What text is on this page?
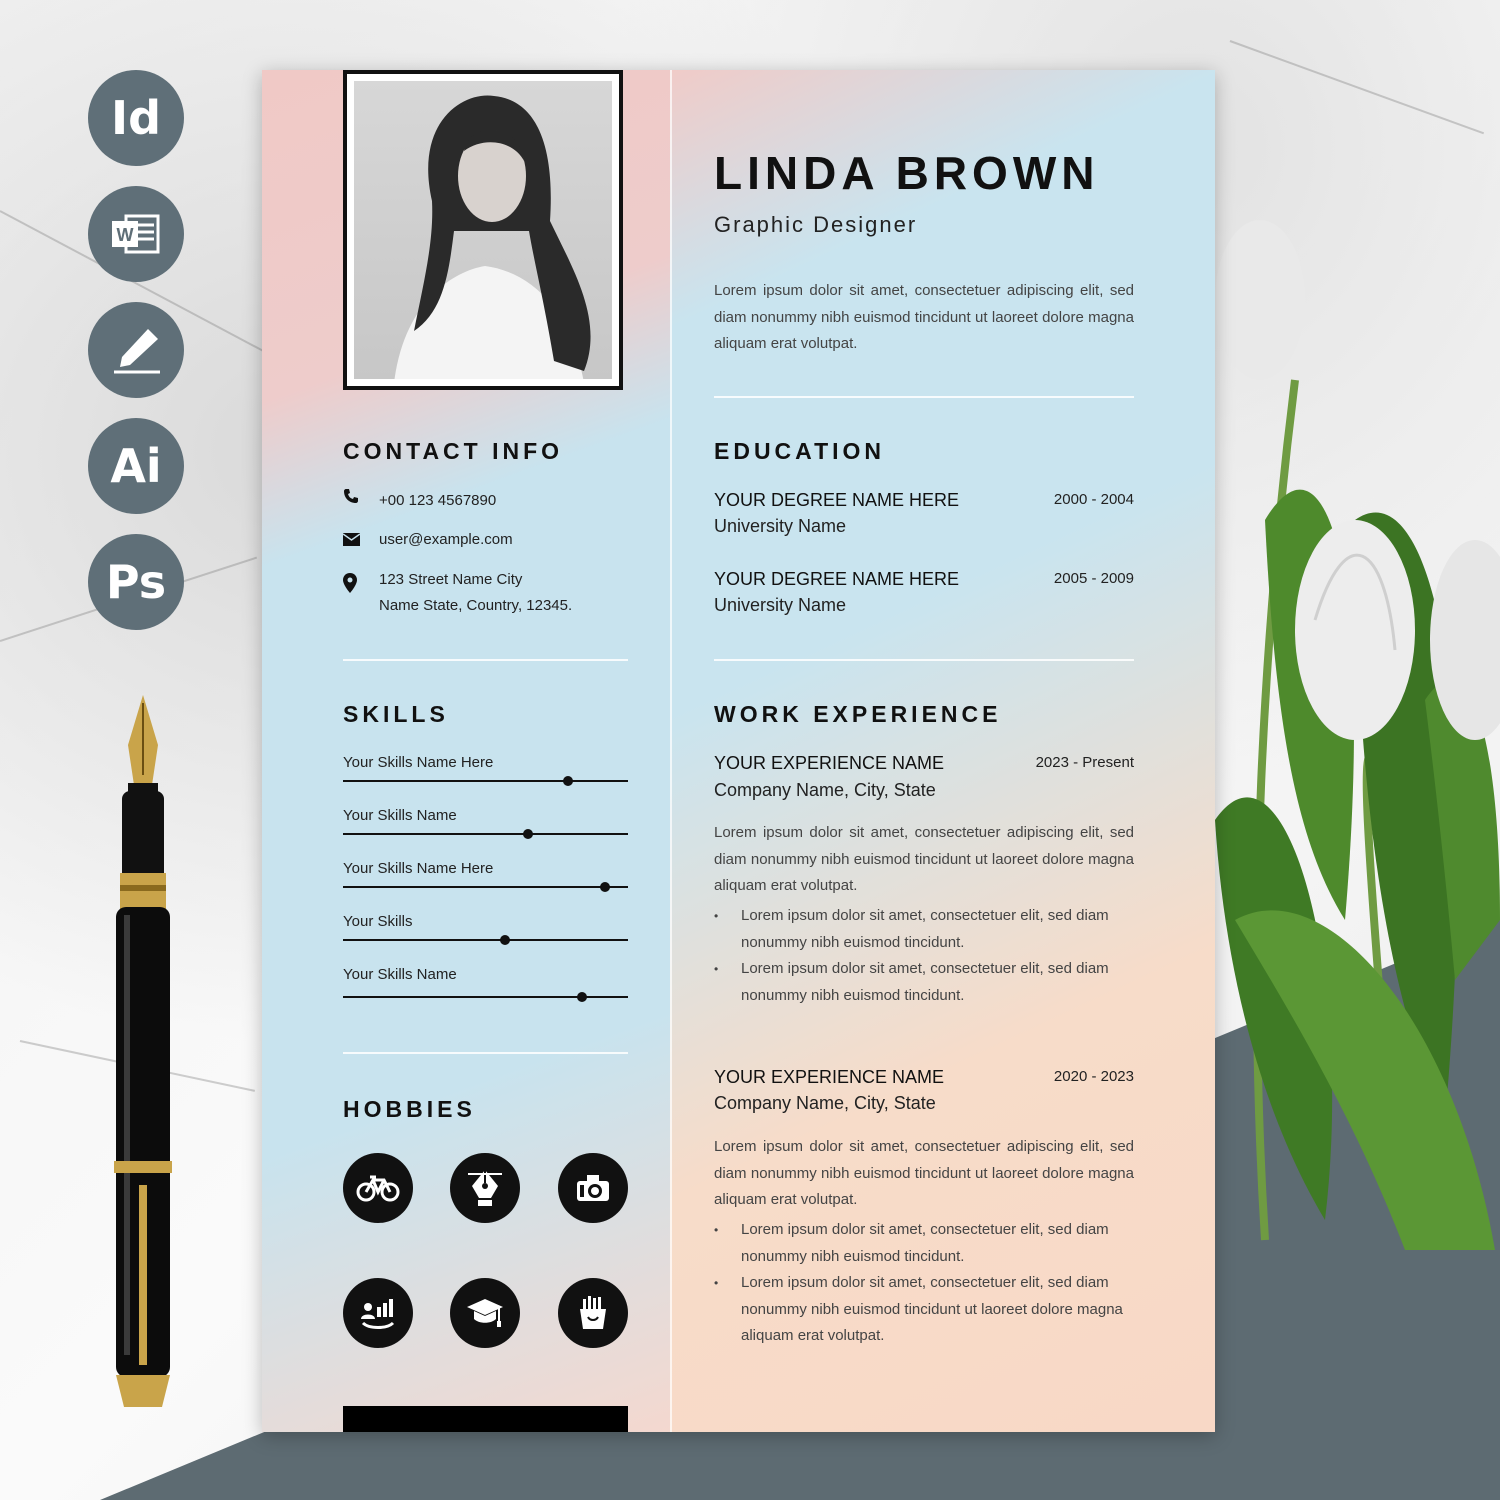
Id
W
Ai
Ps
CONTACT INFO
+00 123 4567890
user@example.com
123 Street Name City
Name State, Country, 12345.
SKILLS
Your Skills Name Here
Your Skills Name
Your Skills Name Here
Your Skills
Your Skills Name
HOBBIES
LINDA BROWN
Graphic Designer
Lorem ipsum dolor sit amet, consectetuer adipiscing elit, sed diam nonummy nibh euismod tincidunt ut laoreet dolore magna aliquam erat volutpat.
EDUCATION
YOUR DEGREE NAME HERE	2000 - 2004
University Name
YOUR DEGREE NAME HERE	2005 - 2009
University Name
WORK EXPERIENCE
YOUR EXPERIENCE NAME	2023 - Present
Company Name, City, State
Lorem ipsum dolor sit amet, consectetuer adipiscing elit, sed diam nonummy nibh euismod tincidunt ut laoreet dolore magna aliquam erat volutpat.
• Lorem ipsum dolor sit amet, consectetuer elit, sed diam nonummy nibh euismod tincidunt.
• Lorem ipsum dolor sit amet, consectetuer elit, sed diam nonummy nibh euismod tincidunt.
YOUR EXPERIENCE NAME	2020 - 2023
Company Name, City, State
Lorem ipsum dolor sit amet, consectetuer adipiscing elit, sed diam nonummy nibh euismod tincidunt ut laoreet dolore magna aliquam erat volutpat.
• Lorem ipsum dolor sit amet, consectetuer elit, sed diam nonummy nibh euismod tincidunt.
• Lorem ipsum dolor sit amet, consectetuer elit, sed diam nonummy nibh euismod tincidunt ut laoreet dolore magna aliquam erat volutpat.
